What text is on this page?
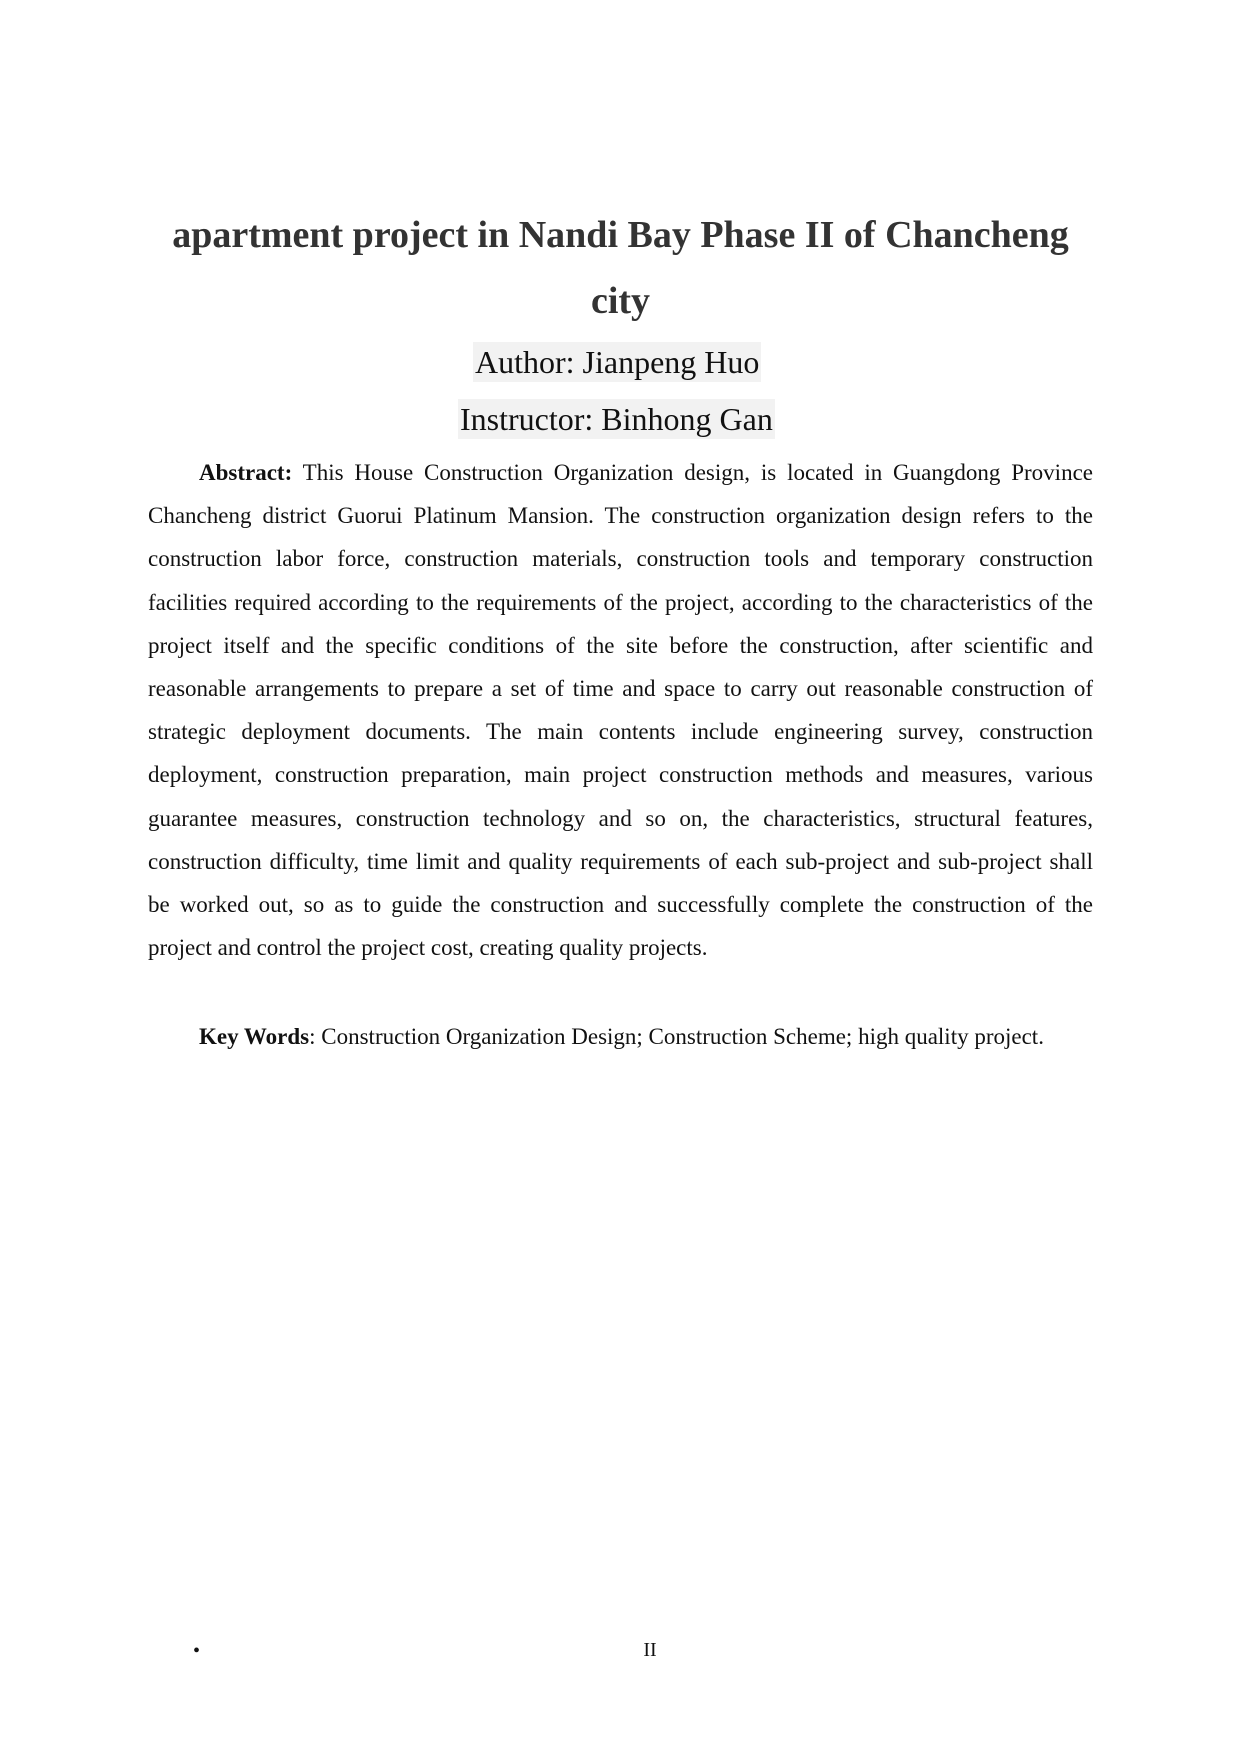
apartment project in Nandi Bay Phase II of Chancheng
city
Author: Jianpeng Huo
Instructor: Binhong Gan

Abstract: This House Construction Organization design, is located in Guangdong Province Chancheng district Guorui Platinum Mansion. The construction organization design refers to the construction labor force, construction materials, construction tools and temporary construction facilities required according to the requirements of the project, according to the characteristics of the project itself and the specific conditions of the site before the construction, after scientific and reasonable arrangements to prepare a set of time and space to carry out reasonable construction of strategic deployment documents. The main contents include engineering survey, construction deployment, construction preparation, main project construction methods and measures, various guarantee measures, construction technology and so on, the characteristics, structural features, construction difficulty, time limit and quality requirements of each sub-project and sub-project shall be worked out, so as to guide the construction and successfully complete the construction of the project and control the project cost, creating quality projects.

Key Words: Construction Organization Design; Construction Scheme; high quality project.

•	II
